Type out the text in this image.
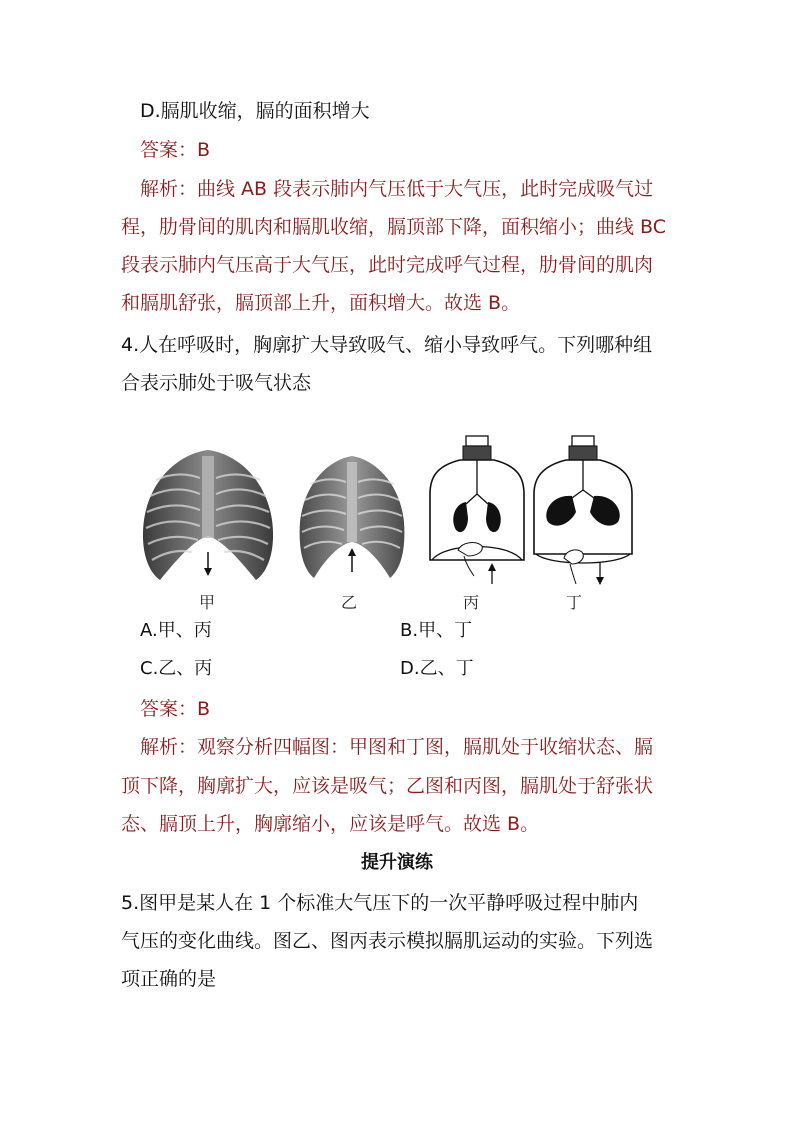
D.膈肌收缩，膈的面积增大
答案：B
解析：曲线 AB 段表示肺内气压低于大气压，此时完成吸气过
程，肋骨间的肌肉和膈肌收缩，膈顶部下降，面积缩小；曲线 BC
段表示肺内气压高于大气压，此时完成呼气过程，肋骨间的肌肉
和膈肌舒张，膈顶部上升，面积增大。故选 B。
4.人在呼吸时，胸廓扩大导致吸气、缩小导致呼气。下列哪种组
合表示肺处于吸气状态
甲	乙	丙	丁
A.甲、丙	B.甲、丁
C.乙、丙	D.乙、丁
答案：B
解析：观察分析四幅图：甲图和丁图，膈肌处于收缩状态、膈
顶下降，胸廓扩大，应该是吸气；乙图和丙图，膈肌处于舒张状
态、膈顶上升，胸廓缩小，应该是呼气。故选 B。
提升演练
5.图甲是某人在 1 个标准大气压下的一次平静呼吸过程中肺内
气压的变化曲线。图乙、图丙表示模拟膈肌运动的实验。下列选
项正确的是
